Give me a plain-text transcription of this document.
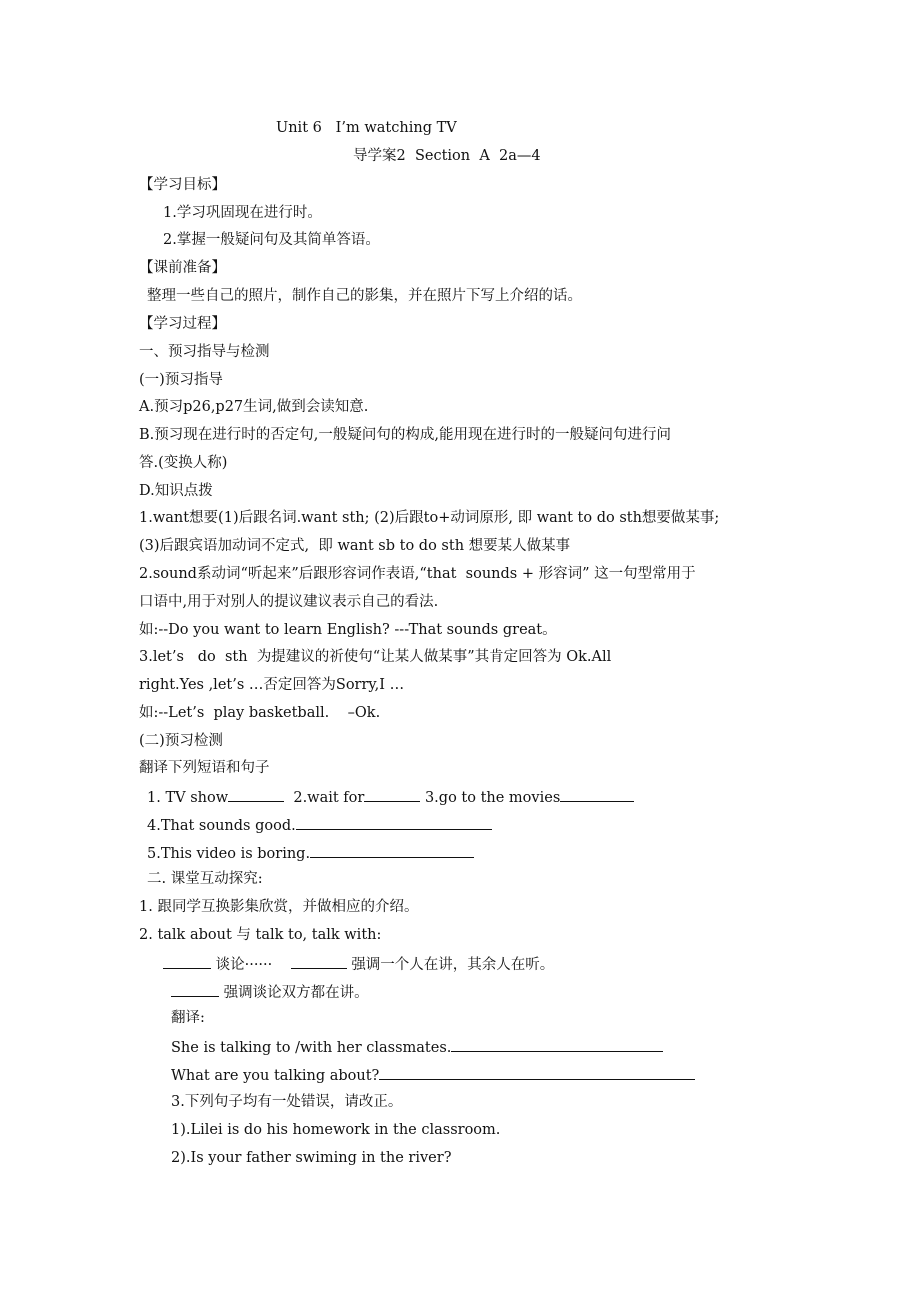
Unit 6   I’m watching TV
导学案2  Section  A  2a—4
【学习目标】
1.学习巩固现在进行时。
2.掌握一般疑问句及其简单答语。
【课前准备】
整理一些自己的照片，制作自己的影集，并在照片下写上介绍的话。
【学习过程】
一、预习指导与检测
(一)预习指导
A.预习p26,p27生词,做到会读知意.
B.预习现在进行时的否定句,一般疑问句的构成,能用现在进行时的一般疑问句进行问
答.(变换人称)
D.知识点拨
1.want想要(1)后跟名词.want sth; (2)后跟to+动词原形, 即 want to do sth想要做某事;
(3)后跟宾语加动词不定式,  即 want sb to do sth 想要某人做某事
2.sound系动词“听起来”后跟形容词作表语,“that  sounds + 形容词” 这一句型常用于
口语中,用于对别人的提议建议表示自己的看法.
如:--Do you want to learn English? ---That sounds great。
3.let’s   do  sth  为提建议的祈使句“让某人做某事”其肯定回答为 Ok.All
right.Yes ,let’s …否定回答为Sorry,I …
如:--Let’s  play basketball.    –Ok.
(二)预习检测
翻译下列短语和句子
1. TV show	2.wait for	3.go to the movies
4.That sounds good.
5.This video is boring.
二. 课堂互动探究:
1. 跟同学互换影集欣赏，并做相应的介绍。
2. talk about 与 talk to, talk with:
谈论······	强调一个人在讲，其余人在听。
强调谈论双方都在讲。
翻译:
She is talking to /with her classmates.
What are you talking about?
3.下列句子均有一处错误，请改正。
1).Lilei is do his homework in the classroom.
2).Is your father swiming in the river?
